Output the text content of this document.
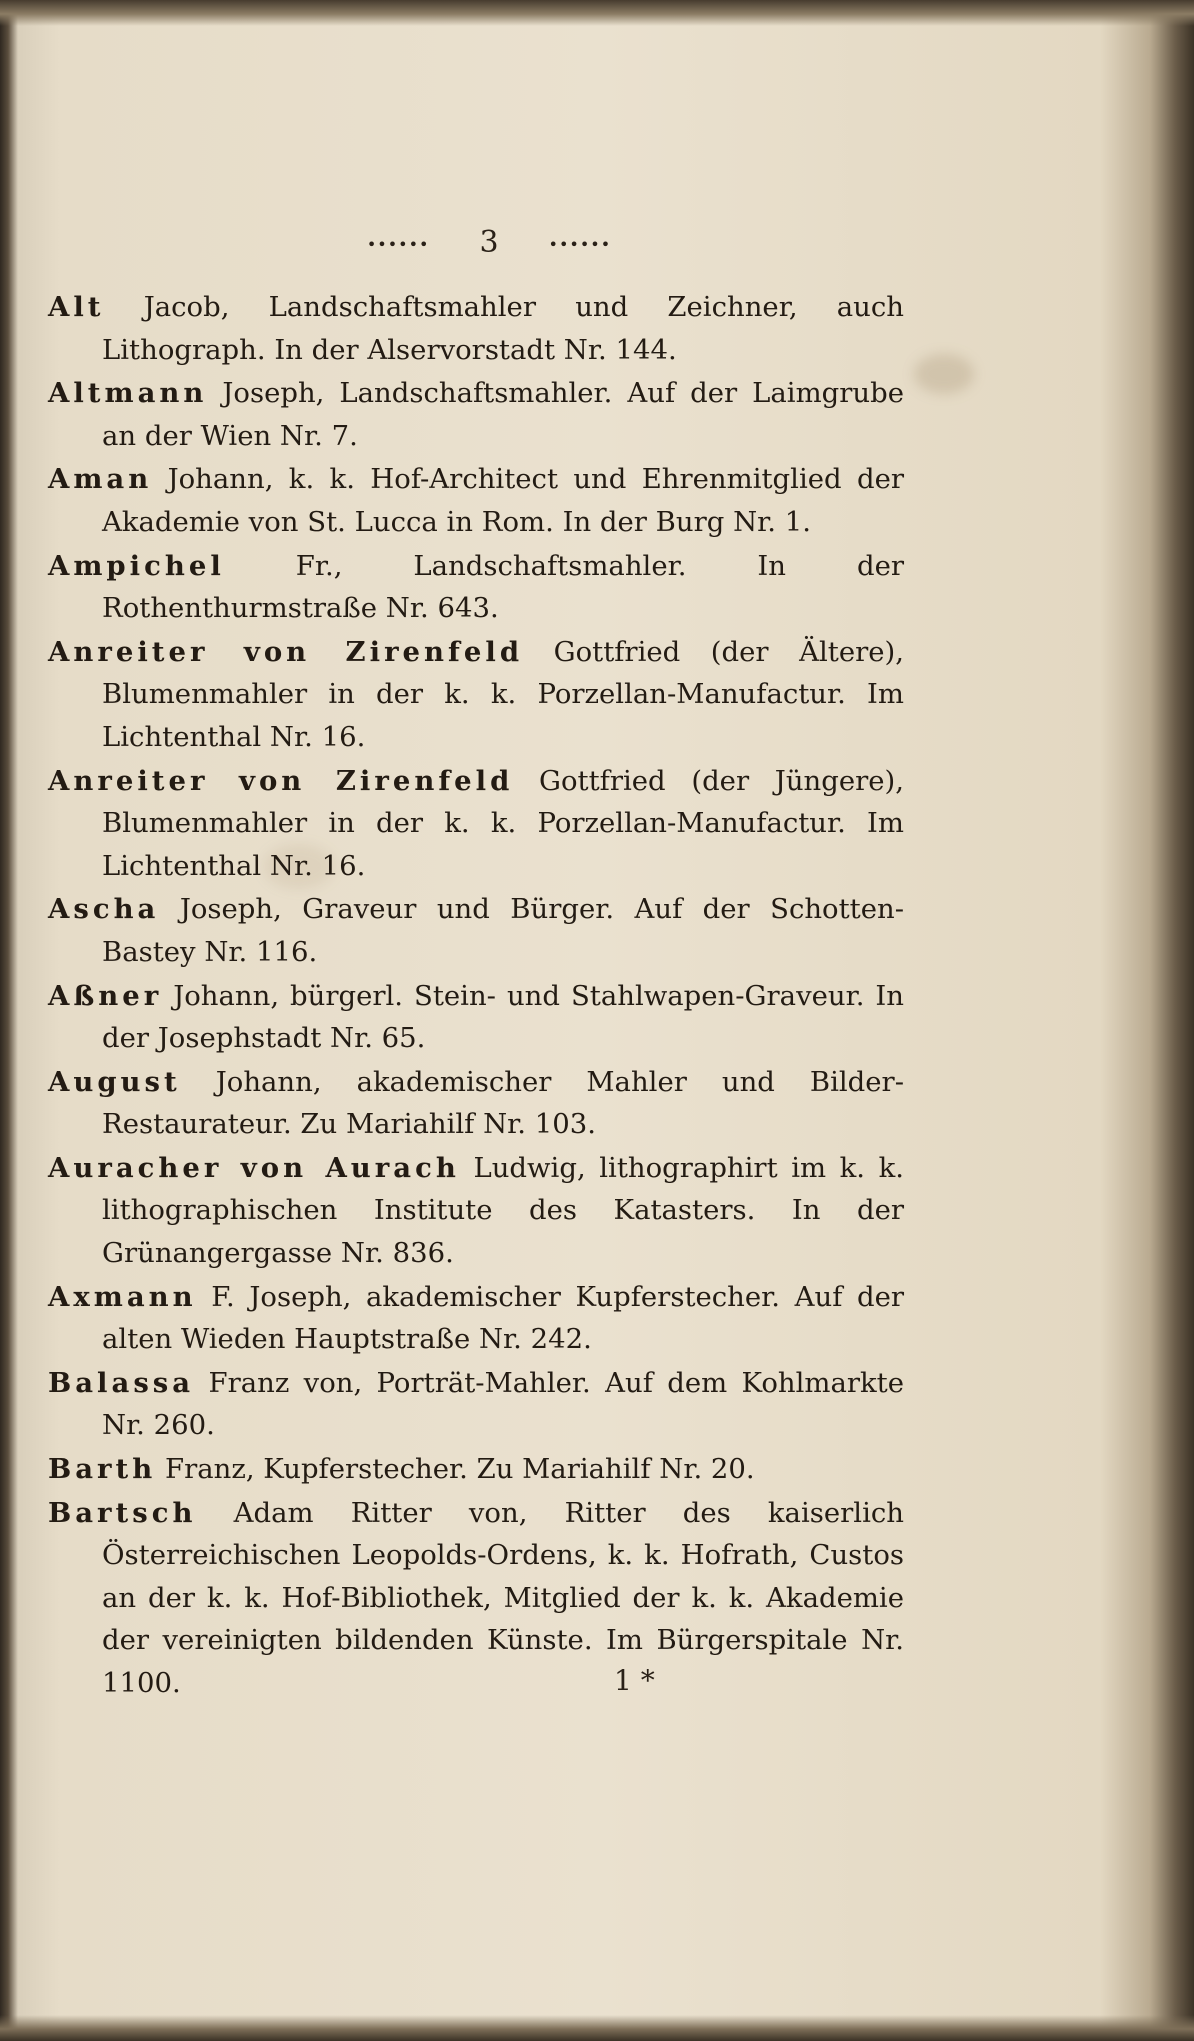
•••••• 3	••••••

Alt Jacob, Landschaftsmahler und Zeichner, auch Lithograph. In der Alservorstadt Nr. 144.

Altmann Joseph, Landschaftsmahler. Auf der Laimgrube an der Wien Nr. 7.

Aman Johann, k. k. Hof-Architect und Ehrenmitglied der Akademie von St. Lucca in Rom. In der Burg Nr. 1.

Ampichel	Fr., Landschaftsmahler. In der Rothenthurmstraße Nr. 643.

Anreiter von Zirenfeld Gottfried (der Ältere), Blumenmahler in der k. k. Porzellan-Manufactur. Im Lichtenthal Nr. 16.

Anreiter von Zirenfeld Gottfried (der Jüngere), Blumenmahler in der k. k. Porzellan-Manufactur. Im Lichtenthal Nr. 16.

Ascha Joseph, Graveur und Bürger. Auf der Schotten-Bastey Nr. 116.

Aßner Johann, bürgerl. Stein- und Stahlwapen-Graveur. In der Josephstadt Nr. 65.

August Johann, akademischer Mahler und Bilder-Restaurateur. Zu Mariahilf Nr. 103.

Auracher von Aurach Ludwig, lithographirt im k. k. lithographischen Institute des Katasters. In der Grünangergasse Nr. 836.

Axmann F. Joseph, akademischer Kupferstecher. Auf der alten Wieden Hauptstraße Nr. 242.

Balassa Franz von, Porträt-Mahler. Auf dem Kohlmarkte Nr. 260.

Barth Franz, Kupferstecher. Zu Mariahilf Nr. 20.

Bartsch Adam Ritter von, Ritter des kaiserlich Österreichischen Leopolds-Ordens, k. k. Hofrath, Custos an der k. k. Hof-Bibliothek, Mitglied der k. k. Akademie der vereinigten bildenden Künste. Im Bürgerspitale Nr. 1100.	1 *
